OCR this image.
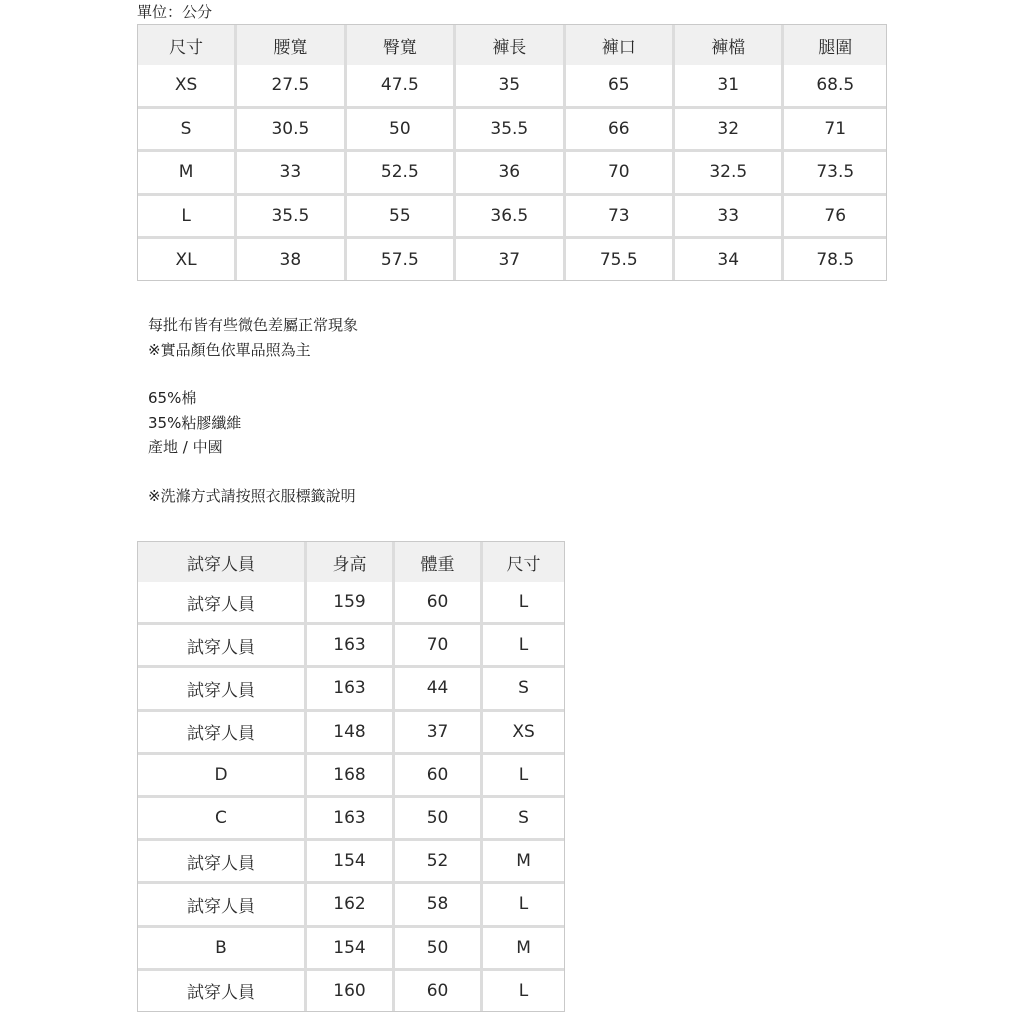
單位：公分
尺寸	腰寬	臀寬	褲長	褲口	褲檔	腿圍
XS	27.5	47.5	35	65	31	68.5
S	30.5	50	35.5	66	32	71
M	33	52.5	36	70	32.5	73.5
L	35.5	55	36.5	73	33	76
XL	38	57.5	37	75.5	34	78.5
每批布皆有些微色差屬正常現象
※實品顏色依單品照為主
65%棉
35%粘膠纖維
產地 / 中國
※洗滌方式請按照衣服標籤說明
試穿人員	身高	體重	尺寸
試穿人員	159	60	L
試穿人員	163	70	L
試穿人員	163	44	S
試穿人員	148	37	XS
D	168	60	L
C	163	50	S
試穿人員	154	52	M
試穿人員	162	58	L
B	154	50	M
試穿人員	160	60	L
